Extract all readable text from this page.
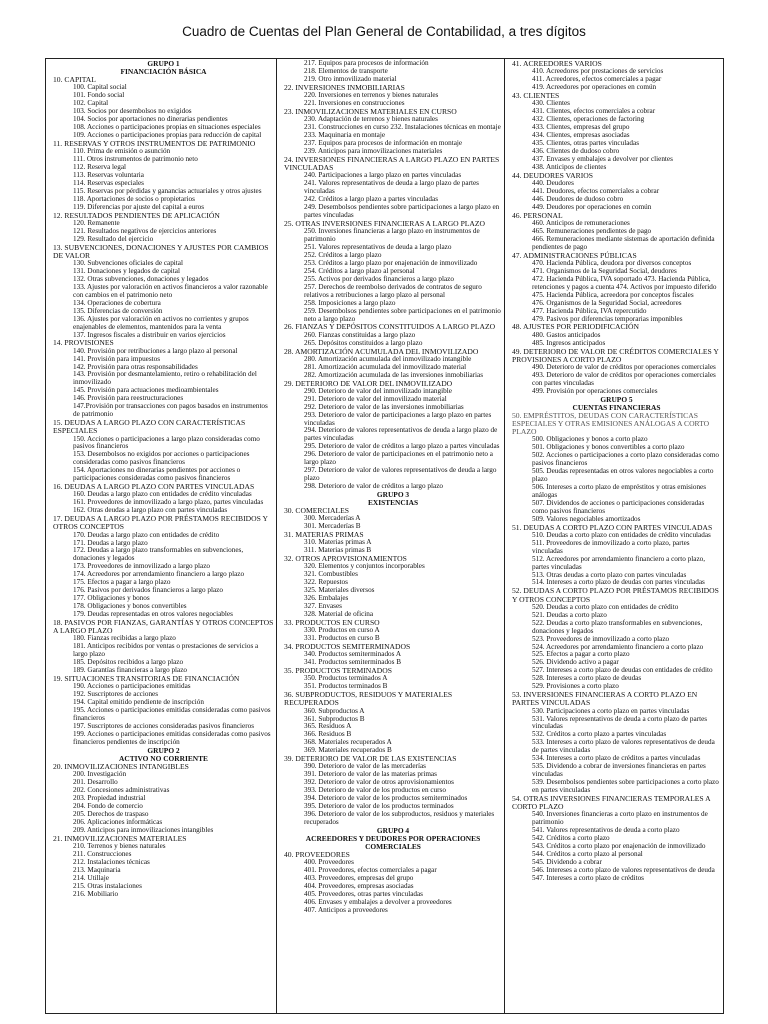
Cuadro de Cuentas del Plan General de Contabilidad, a tres dígitos
GRUPO 1
FINANCIACIÓN BÁSICA
10. CAPITAL
100. Capital social
101. Fondo social
102. Capital
103. Socios por desembolsos no exigidos
104. Socios por aportaciones no dinerarias pendientes
108. Acciones o participaciones propias en situaciones especiales
109. Acciones o participaciones propias para reducción de capital
11. RESERVAS Y OTROS INSTRUMENTOS DE PATRIMONIO
110. Prima de emisión o asunción
111. Otros instrumentos de patrimonio neto
112. Reserva legal
113. Reservas voluntaria
114. Reservas especiales
115. Reservas por pérdidas y ganancias actuariales y otros ajustes
118. Aportaciones de socios o propietarios
119. Diferencias por ajuste del capital a euros
12. RESULTADOS PENDIENTES DE APLICACIÓN
120. Remanente
121. Resultados negativos de ejercicios anteriores
129. Resultado del ejercicio
13. SUBVENCIONES, DONACIONES Y AJUSTES POR CAMBIOS DE VALOR
130. Subvenciones oficiales de capital
131. Donaciones y legados de capital
132. Otras subvenciones, donaciones y legados
133. Ajustes por valoración en activos financieros a valor razonable con cambios en el patrimonio neto
134. Operaciones de cobertura
135. Diferencias de conversión
136. Ajustes por valoración en activos no corrientes y grupos enajenables de elementos, mantenidos para la venta
137. Ingresos fiscales a distribuir en varios ejercicios
14. PROVISIONES
140. Provisión por retribuciones a largo plazo al personal
141. Provisión para impuestos
142. Provisión para otras responsabilidades
143. Provisión por desmantelamiento, retiro o rehabilitación del inmovilizado
145. Provisión para actuaciones medioambientales
146. Provisión para reestructuraciones
147.Provisión por transacciones con pagos basados en instrumentos de patrimonio
15. DEUDAS A LARGO PLAZO CON CARACTERÍSTICAS ESPECIALES
150. Acciones o participaciones a largo plazo consideradas como pasivos financieros
153. Desembolsos no exigidos por acciones o participaciones consideradas como pasivos financieros
154. Aportaciones no dinerarias pendientes por acciones o participaciones consideradas como pasivos financieros
16. DEUDAS A LARGO PLAZO CON PARTES VINCULADAS
160. Deudas a largo plazo con entidades de crédito vinculadas
161. Proveedores de inmovilizado a largo plazo, partes vinculadas
162. Otras deudas a largo plazo con partes vinculadas
17. DEUDAS A LARGO PLAZO POR PRÉSTAMOS RECIBIDOS Y OTROS CONCEPTOS
170. Deudas a largo plazo con entidades de crédito
171. Deudas a largo plazo
172. Deudas a largo plazo transformables en subvenciones, donaciones y legados
173. Proveedores de inmovilizado a largo plazo
174. Acreedores por arrendamiento financiero a largo plazo
175. Efectos a pagar a largo plazo
176. Pasivos por derivados financieros a largo plazo
177. Obligaciones y bonos
178. Obligaciones y bonos convertibles
179. Deudas representadas en otros valores negociables
18. PASIVOS POR FIANZAS, GARANTÍAS Y OTROS CONCEPTOS A LARGO PLAZO
180. Fianzas recibidas a largo plazo
181. Anticipos recibidos por ventas o prestaciones de servicios a largo plazo
185. Depósitos recibidos a largo plazo
189. Garantías financieras a largo plazo
19. SITUACIONES TRANSITORIAS DE FINANCIACIÓN
190. Acciones o participaciones emitidas
192. Suscriptores de acciones
194. Capital emitido pendiente de inscripción
195. Acciones o participaciones emitidas consideradas como pasivos financieros
197. Suscriptores de acciones consideradas pasivos financieros
199. Acciones o participaciones emitidas consideradas como pasivos financieros pendientes de inscripción
GRUPO 2
ACTIVO NO CORRIENTE
20. INMOVILIZACIONES INTANGIBLES
200. Investigación
201. Desarrollo
202. Concesiones administrativas
203. Propiedad industrial
204. Fondo de comercio
205. Derechos de traspaso
206. Aplicaciones informáticas
209. Anticipos para inmovilizaciones intangibles
21. INMOVILIZACIONES MATERIALES
210. Terrenos y bienes naturales
211. Construcciones
212. Instalaciones técnicas
213. Maquinaria
214. Utillaje
215. Otras instalaciones
216. Mobiliario
217. Equipos para procesos de información
218. Elementos de transporte
219. Otro inmovilizado material
22. INVERSIONES INMOBILIARIAS
220. Inversiones en terrenos y bienes naturales
221. Inversiones en construcciones
23. INMOVILIZACIONES MATERIALES EN CURSO
230. Adaptación de terrenos y bienes naturales
231. Construcciones en curso 232. Instalaciones técnicas en montaje
233. Maquinaria en montaje
237. Equipos para procesos de información en montaje
239. Anticipos para inmovilizaciones materiales
24. INVERSIONES FINANCIERAS A LARGO PLAZO EN PARTES VINCULADAS
240. Participaciones a largo plazo en partes vinculadas
241. Valores representativos de deuda a largo plazo de partes vinculadas
242. Créditos a largo plazo a partes vinculadas
249. Desembolsos pendientes sobre participaciones a largo plazo en partes vinculadas
25. OTRAS INVERSIONES FINANCIERAS A LARGO PLAZO
250. Inversiones financieras a largo plazo en instrumentos de patrimonio
251. Valores representativos de deuda a largo plazo
252. Créditos a largo plazo
253. Créditos a largo plazo por enajenación de inmovilizado
254. Créditos a largo plazo al personal
255. Activos por derivados financieros a largo plazo
257. Derechos de reembolso derivados de contratos de seguro relativos a retribuciones a largo plazo al personal
258. Imposiciones a largo plazo
259. Desembolsos pendientes sobre participaciones en el patrimonio neto a largo plazo
26. FIANZAS Y DEPÓSITOS CONSTITUIDOS A LARGO PLAZO
260. Fianzas constituidas a largo plazo
265. Depósitos constituidos a largo plazo
28. AMORTIZACIÓN ACUMULADA DEL INMOVILIZADO
280. Amortización acumulada del inmovilizado intangible
281. Amortización acumulada del inmovilizado material
282. Amortización acumulada de las inversiones inmobiliarias
29. DETERIORO DE VALOR DEL INMOVILIZADO
290. Deterioro de valor del inmovilizado intangible
291. Deterioro de valor del inmovilizado material
292. Deterioro de valor de las inversiones inmobiliarias
293. Deterioro de valor de participaciones a largo plazo en partes vinculadas
294. Deterioro de valores representativos de deuda a largo plazo de partes vinculadas
295. Deterioro de valor de créditos a largo plazo a partes vinculadas
296. Deterioro de valor de participaciones en el patrimonio neto a largo plazo
297. Deterioro de valor de valores representativos de deuda a largo plazo
298. Deterioro de valor de créditos a largo plazo
GRUPO 3
EXISTENCIAS
30. COMERCIALES
300. Mercaderías A
301. Mercaderías B
31. MATERIAS PRIMAS
310. Materias primas A
311. Materias primas B
32. OTROS APROVISIONAMIENTOS
320. Elementos y conjuntos incorporables
321. Combustibles
322. Repuestos
325. Materiales diversos
326. Embalajes
327. Envases
328. Material de oficina
33. PRODUCTOS EN CURSO
330. Productos en curso A
331. Productos en curso B
34. PRODUCTOS SEMITERMINADOS
340. Productos semiterminados A
341. Productos semiterminados B
35. PRODUCTOS TERMINADOS
350. Productos terminados A
351. Productos terminados B
36. SUBPRODUCTOS, RESIDUOS Y MATERIALES RECUPERADOS
360. Subproductos A
361. Subproductos B
365. Residuos A
366. Residuos B
368. Materiales recuperados A
369. Materiales recuperados B
39. DETERIORO DE VALOR DE LAS EXISTENCIAS
390. Deterioro de valor de las mercaderías
391. Deterioro de valor de las materias primas
392. Deterioro de valor de otros aprovisionamientos
393. Deterioro de valor de los productos en curso
394. Deterioro de valor de los productos semiterminados
395. Deterioro de valor de los productos terminados
396. Deterioro de valor de los subproductos, residuos y materiales recuperados
GRUPO 4
ACREEDORES Y DEUDORES POR OPERACIONES COMERCIALES
40. PROVEEDORES
400. Proveedores
401. Proveedores, efectos comerciales a pagar
403. Proveedores, empresas del grupo
404. Proveedores, empresas asociadas
405. Proveedores, otras partes vinculadas
406. Envases y embalajes a devolver a proveedores
407. Anticipos a proveedores
41. ACREEDORES VARIOS
410. Acreedores por prestaciones de servicios
411. Acreedores, efectos comerciales a pagar
419. Acreedores por operaciones en común
43. CLIENTES
430. Clientes
431. Clientes, efectos comerciales a cobrar
432. Clientes, operaciones de factoring
433. Clientes, empresas del grupo
434. Clientes, empresas asociadas
435. Clientes, otras partes vinculadas
436. Clientes de dudoso cobro
437. Envases y embalajes a devolver por clientes
438. Anticipos de clientes
44. DEUDORES VARIOS
440. Deudores
441. Deudores, efectos comerciales a cobrar
446. Deudores de dudoso cobro
449. Deudores por operaciones en común
46. PERSONAL
460. Anticipos de remuneraciones
465. Remuneraciones pendientes de pago
466. Remuneraciones mediante sistemas de aportación definida pendientes de pago
47. ADMINISTRACIONES PÚBLICAS
470. Hacienda Pública, deudora por diversos conceptos
471. Organismos de la Seguridad Social, deudores
472. Hacienda Pública, IVA soportado 473. Hacienda Pública, retenciones y pagos a cuenta 474. Activos por impuesto diferido
475. Hacienda Pública, acreedora por conceptos fiscales
476. Organismos de la Seguridad Social, acreedores
477. Hacienda Pública, IVA repercutido
479. Pasivos por diferencias temporarias imponibles
48. AJUSTES POR PERIODIFICACIÓN
480. Gastos anticipados
485. Ingresos anticipados
49. DETERIORO DE VALOR DE CRÉDITOS COMERCIALES Y PROVISIONES A CORTO PLAZO
490. Deterioro de valor de créditos por operaciones comerciales
493. Deterioro de valor de créditos por operaciones comerciales con partes vinculadas
499. Provisión por operaciones comerciales
GRUPO 5
CUENTAS FINANCIERAS
50. EMPRÉSTITOS, DEUDAS CON CARACTERÍSTICAS ESPECIALES Y OTRAS EMISIONES ANÁLOGAS A CORTO PLAZO
500. Obligaciones y bonos a corto plazo
501. Obligaciones y bonos convertibles a corto plazo
502. Acciones o participaciones a corto plazo consideradas como pasivos financieros
505. Deudas representadas en otros valores negociables a corto plazo
506. Intereses a corto plazo de empréstitos y otras emisiones análogas
507. Dividendos de acciones o participaciones consideradas como pasivos financieros
509. Valores negociables amortizados
51. DEUDAS A CORTO PLAZO CON PARTES VINCULADAS
510. Deudas a corto plazo con entidades de crédito vinculadas
511. Proveedores de inmovilizado a corto plazo, partes vinculadas
512. Acreedores por arrendamiento financiero a corto plazo, partes vinculadas
513. Otras deudas a corto plazo con partes vinculadas
514. Intereses a corto plazo de deudas con partes vinculadas
52. DEUDAS A CORTO PLAZO POR PRÉSTAMOS RECIBIDOS Y OTROS CONCEPTOS
520. Deudas a corto plazo con entidades de crédito
521. Deudas a corto plazo
522. Deudas a corto plazo transformables en subvenciones, donaciones y legados
523. Proveedores de inmovilizado a corto plazo
524. Acreedores por arrendamiento financiero a corto plazo
525. Efectos a pagar a corto plazo
526. Dividendo activo a pagar
527. Intereses a corto plazo de deudas con entidades de crédito
528. Intereses a corto plazo de deudas
529. Provisiones a corto plazo
53. INVERSIONES FINANCIERAS A CORTO PLAZO EN PARTES VINCULADAS
530. Participaciones a corto plazo en partes vinculadas
531. Valores representativos de deuda a corto plazo de partes vinculadas
532. Créditos a corto plazo a partes vinculadas
533. Intereses a corto plazo de valores representativos de deuda de partes vinculadas
534. Intereses a corto plazo de créditos a partes vinculadas
535. Dividendo a cobrar de inversiones financieras en partes vinculadas
539. Desembolsos pendientes sobre participaciones a corto plazo en partes vinculadas
54. OTRAS INVERSIONES FINANCIERAS TEMPORALES A CORTO PLAZO
540. Inversiones financieras a corto plazo en instrumentos de patrimonio
541. Valores representativos de deuda a corto plazo
542. Créditos a corto plazo
543. Créditos a corto plazo por enajenación de inmovilizado
544. Créditos a corto plazo al personal
545. Dividendo a cobrar
546. Intereses a corto plazo de valores representativos de deuda
547. Intereses a corto plazo de créditos
